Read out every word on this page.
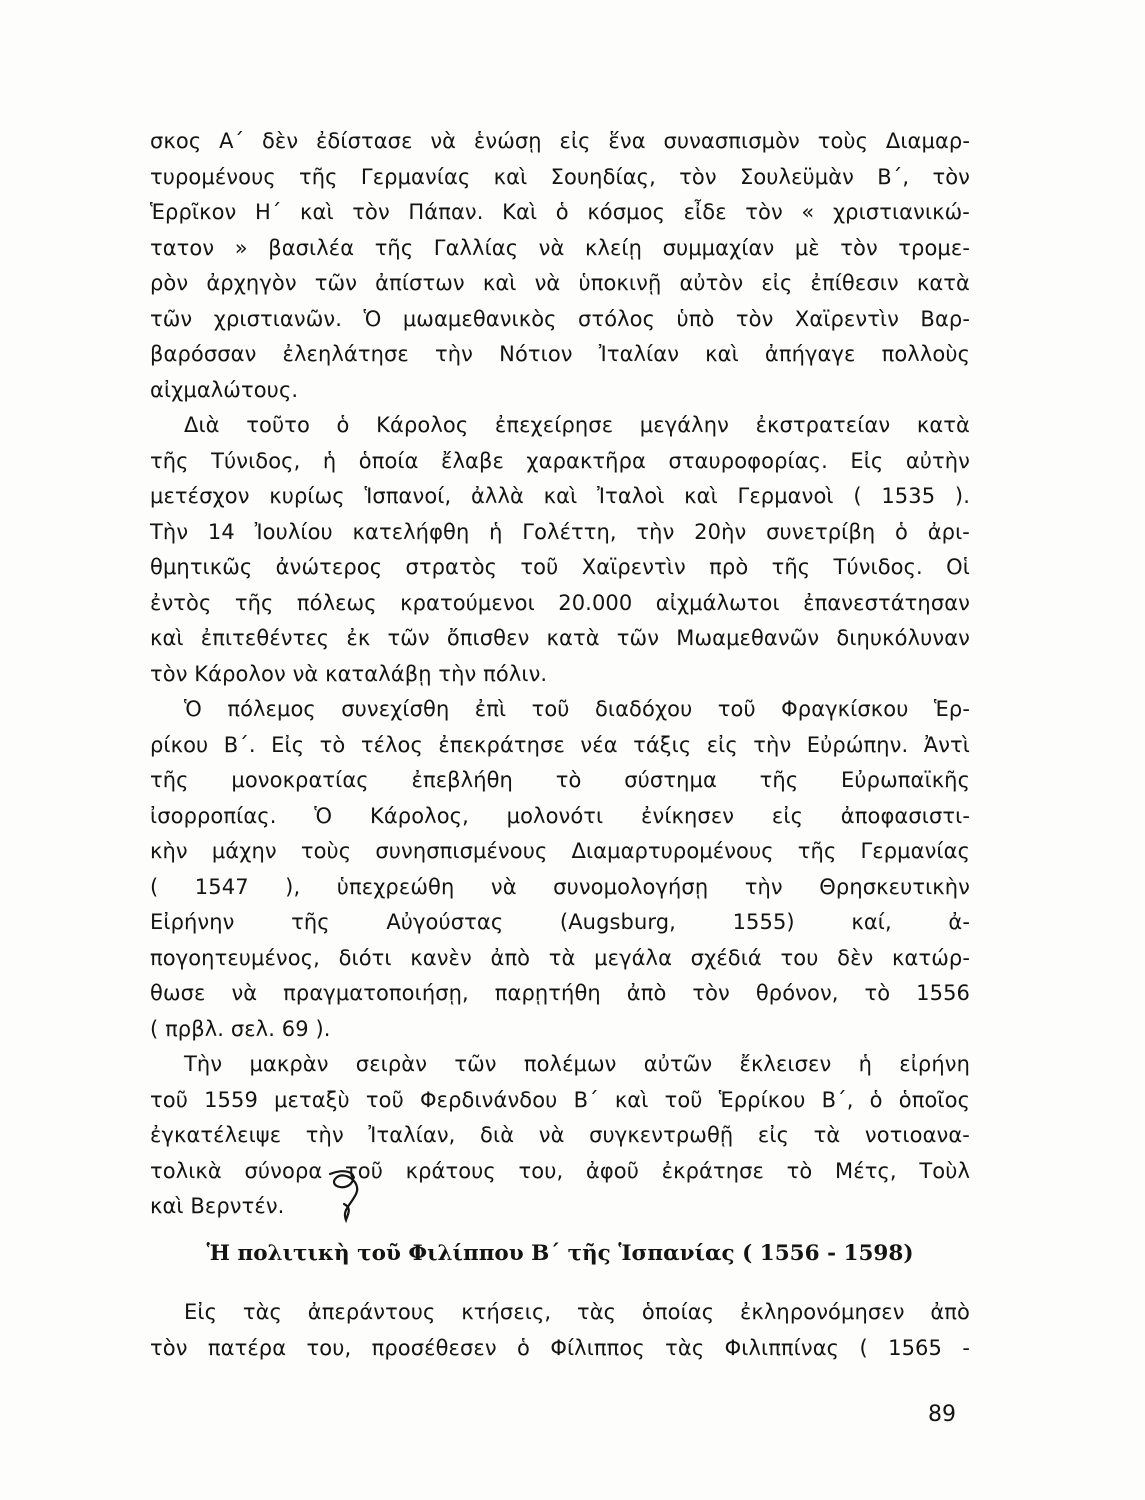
σκος Α΄ δὲν ἐδίστασε νὰ ἑνώσῃ εἰς ἕνα συνασπισμὸν τοὺς Διαμαρ-
τυρομένους τῆς Γερμανίας καὶ Σουηδίας, τὸν Σουλεϋμὰν Β΄, τὸν
Ἑρρῖκον Η΄ καὶ τὸν Πάπαν. Καὶ ὁ κόσμος εἶδε τὸν « χριστιανικώ-
τατον » βασιλέα τῆς Γαλλίας νὰ κλείῃ συμμαχίαν μὲ τὸν τρομε-
ρὸν ἀρχηγὸν τῶν ἀπίστων καὶ νὰ ὑποκινῇ αὐτὸν εἰς ἐπίθεσιν κατὰ
τῶν χριστιανῶν. Ὁ μωαμεθανικὸς στόλος ὑπὸ τὸν Χαϊρεντὶν Βαρ-
βαρόσσαν ἐλεηλάτησε τὴν Νότιον Ἰταλίαν καὶ ἀπήγαγε πολλοὺς
αἰχμαλώτους.
Διὰ τοῦτο ὁ Κάρολος ἐπεχείρησε μεγάλην ἐκστρατείαν κατὰ
τῆς Τύνιδος, ἡ ὁποία ἔλαβε χαρακτῆρα σταυροφορίας. Εἰς αὐτὴν
μετέσχον κυρίως Ἱσπανοί, ἀλλὰ καὶ Ἰταλοὶ καὶ Γερμανοὶ ( 1535 ).
Τὴν 14 Ἰουλίου κατελήφθη ἡ Γολέττη, τὴν 20ὴν συνετρίβη ὁ ἀρι-
θμητικῶς ἀνώτερος στρατὸς τοῦ Χαϊρεντὶν πρὸ τῆς Τύνιδος. Οἱ
ἐντὸς τῆς πόλεως κρατούμενοι 20.000 αἰχμάλωτοι ἐπανεστάτησαν
καὶ ἐπιτεθέντες ἐκ τῶν ὄπισθεν κατὰ τῶν Μωαμεθανῶν διηυκόλυναν
τὸν Κάρολον νὰ καταλάβῃ τὴν πόλιν.
Ὁ πόλεμος συνεχίσθη ἐπὶ τοῦ διαδόχου τοῦ Φραγκίσκου Ἑρ-
ρίκου Β΄. Εἰς τὸ τέλος ἐπεκράτησε νέα τάξις εἰς τὴν Εὐρώπην. Ἀντὶ
τῆς μονοκρατίας ἐπεβλήθη τὸ σύστημα τῆς Εὐρωπαϊκῆς
ἰσορροπίας. Ὁ Κάρολος, μολονότι ἐνίκησεν εἰς ἀποφασιστι-
κὴν μάχην τοὺς συνησπισμένους Διαμαρτυρομένους τῆς Γερμανίας
( 1547 ), ὑπεχρεώθη νὰ συνομολογήσῃ τὴν Θρησκευτικὴν
Εἰρήνην τῆς Αὐγούστας (Augsburg, 1555) καί, ἀ-
πογοητευμένος, διότι κανὲν ἀπὸ τὰ μεγάλα σχέδιά του δὲν κατώρ-
θωσε νὰ πραγματοποιήσῃ, παρῃτήθη ἀπὸ τὸν θρόνον, τὸ 1556
( πρβλ. σελ. 69 ).
Τὴν μακρὰν σειρὰν τῶν πολέμων αὐτῶν ἔκλεισεν ἡ εἰρήνη
τοῦ 1559 μεταξὺ τοῦ Φερδινάνδου Β΄ καὶ τοῦ Ἑρρίκου Β΄, ὁ ὁποῖος
ἐγκατέλειψε τὴν Ἰταλίαν, διὰ νὰ συγκεντρωθῇ εἰς τὰ νοτιοανα-
τολικὰ σύνορα τοῦ κράτους του, ἀφοῦ ἐκράτησε τὸ Μέτς, Τοὺλ
καὶ Βερντέν.
Ἡ πολιτικὴ τοῦ Φιλίππου Β΄ τῆς Ἱσπανίας ( 1556 - 1598)
Εἰς τὰς ἀπεράντους κτήσεις, τὰς ὁποίας ἐκληρονόμησεν ἀπὸ
τὸν πατέρα του, προσέθεσεν ὁ Φίλιππος τὰς Φιλιππίνας ( 1565 -
89
